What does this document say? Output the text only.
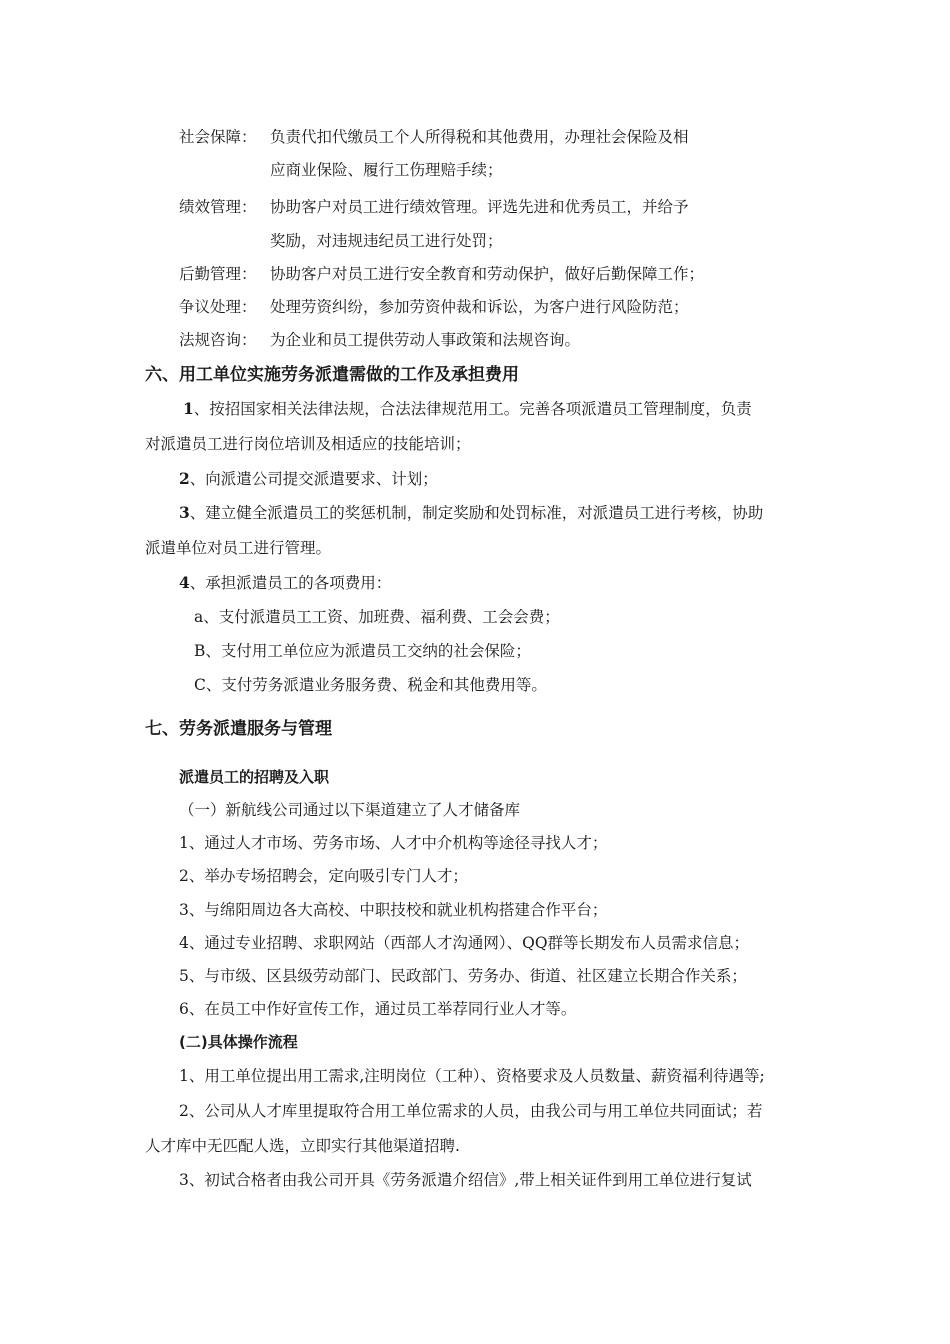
社会保障： 负责代扣代缴员工个人所得税和其他费用，办理社会保险及相
应商业保险、履行工伤理赔手续；
绩效管理： 协助客户对员工进行绩效管理。评选先进和优秀员工，并给予
奖励，对违规违纪员工进行处罚；
后勤管理： 协助客户对员工进行安全教育和劳动保护，做好后勤保障工作；
争议处理： 处理劳资纠纷，参加劳资仲裁和诉讼，为客户进行风险防范；
法规咨询： 为企业和员工提供劳动人事政策和法规咨询。
六、用工单位实施劳务派遣需做的工作及承担费用
1、按招国家相关法律法规，合法法律规范用工。完善各项派遣员工管理制度，负责
对派遣员工进行岗位培训及相适应的技能培训；
2、向派遣公司提交派遣要求、计划；
3、建立健全派遣员工的奖惩机制，制定奖励和处罚标准，对派遣员工进行考核，协助
派遣单位对员工进行管理。
4、承担派遣员工的各项费用：
a、支付派遣员工工资、加班费、福利费、工会会费；
B、支付用工单位应为派遣员工交纳的社会保险；
C、支付劳务派遣业务服务费、税金和其他费用等。
七、劳务派遣服务与管理
派遣员工的招聘及入职
（一）新航线公司通过以下渠道建立了人才储备库
1、通过人才市场、劳务市场、人才中介机构等途径寻找人才；
2、举办专场招聘会，定向吸引专门人才；
3、与绵阳周边各大高校、中职技校和就业机构搭建合作平台；
4、通过专业招聘、求职网站（西部人才沟通网）、QQ群等长期发布人员需求信息；
5、与市级、区县级劳动部门、民政部门、劳务办、街道、社区建立长期合作关系；
6、在员工中作好宣传工作，通过员工举荐同行业人才等。
(二)具体操作流程
1、用工单位提出用工需求,注明岗位（工种）、资格要求及人员数量、薪资福利待遇等;
2、公司从人才库里提取符合用工单位需求的人员，由我公司与用工单位共同面试；若
人才库中无匹配人选，立即实行其他渠道招聘.
3、初试合格者由我公司开具《劳务派遣介绍信》,带上相关证件到用工单位进行复试
